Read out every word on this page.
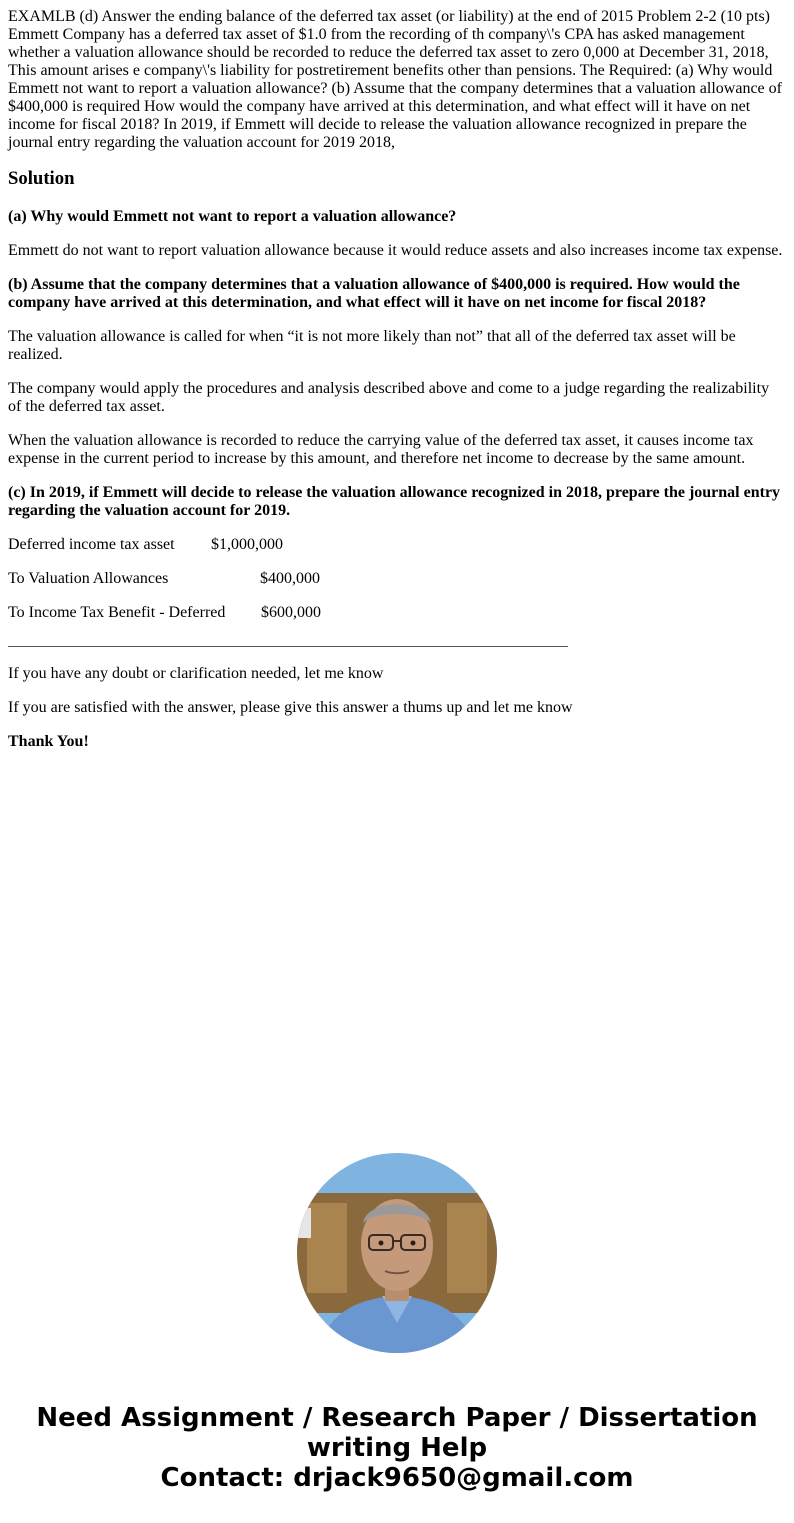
EXAMLB (d) Answer the ending balance of the deferred tax asset (or liability) at the end of 2015 Problem 2-2 (10 pts) Emmett Company has a deferred tax asset of $1.0 from the recording of th company\'s CPA has asked management whether a valuation allowance should be recorded to reduce the deferred tax asset to zero 0,000 at December 31, 2018, This amount arises e company\'s liability for postretirement benefits other than pensions. The Required: (a) Why would Emmett not want to report a valuation allowance? (b) Assume that the company determines that a valuation allowance of $400,000 is required How would the company have arrived at this determination, and what effect will it have on net income for fiscal 2018? In 2019, if Emmett will decide to release the valuation allowance recognized in prepare the journal entry regarding the valuation account for 2019 2018,

Solution

(a) Why would Emmett not want to report a valuation allowance?

Emmett do not want to report valuation allowance because it would reduce assets and also increases income tax expense.

(b) Assume that the company determines that a valuation allowance of $400,000 is required. How would the company have arrived at this determination, and what effect will it have on net income for fiscal 2018?

The valuation allowance is called for when “it is not more likely than not” that all of the deferred tax asset will be realized.

The company would apply the procedures and analysis described above and come to a judge regarding the realizability of the deferred tax asset.

When the valuation allowance is recorded to reduce the carrying value of the deferred tax asset, it causes income tax expense in the current period to increase by this amount, and therefore net income to decrease by the same amount.

(c) In 2019, if Emmett will decide to release the valuation allowance recognized in 2018, prepare the journal entry regarding the valuation account for 2019.

Deferred income tax asset $1,000,000
To Valuation Allowances	$400,000
To Income Tax Benefit - Deferred $600,000

If you have any doubt or clarification needed, let me know

If you are satisfied with the answer, please give this answer a thums up and let me know

Thank You!

Need Assignment / Research Paper / Dissertation
writing Help
Contact: drjack9650@gmail.com
